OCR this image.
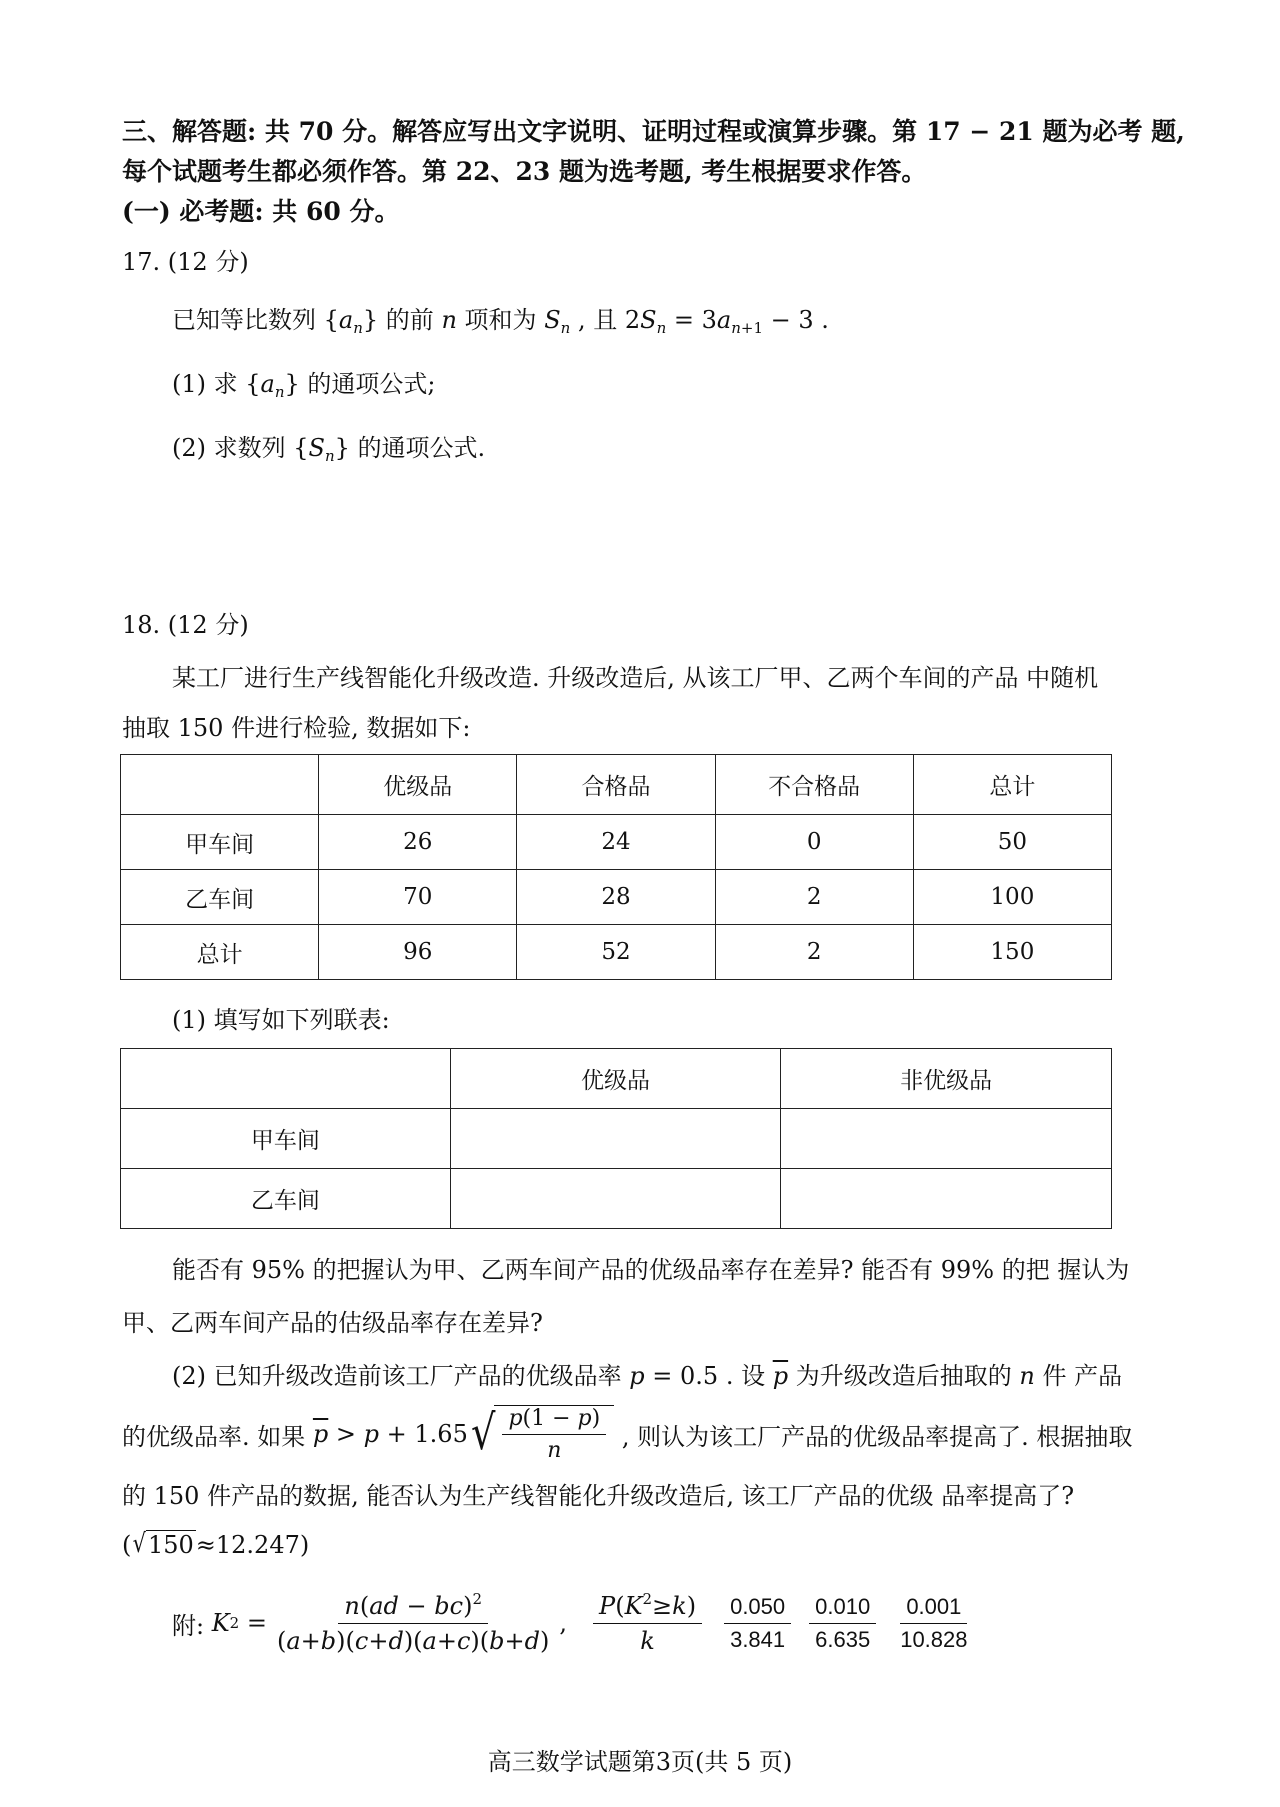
三、解答题: 共 70 分。解答应写出文字说明、证明过程或演算步骤。第 17 − 21 题为必考 题,
每个试题考生都必须作答。第 22、23 题为选考题, 考生根据要求作答。
(一) 必考题: 共 60 分。
17. (12 分)
已知等比数列 $\{a_n\}$ 的前 n 项和为 $S_n$ , 且 $2S_n = 3a_{n+1} - 3$ .
(1) 求 $\{a_n\}$ 的通项公式;
(2) 求数列 $\{S_n\}$ 的通项公式.
18. (12 分)
某工厂进行生产线智能化升级改造. 升级改造后, 从该工厂甲、乙两个车间的产品 中随机
抽取 150 件进行检验, 数据如下:
	优级品	合格品	不合格品	总计
甲车间	26	24	0	50
乙车间	70	28	2	100
总计	96	52	2	150
(1) 填写如下列联表:
	优级品	非优级品
甲车间		
乙车间		
能否有 95% 的把握认为甲、乙两车间产品的优级品率存在差异? 能否有 99% 的把 握认为
甲、乙两车间产品的估级品率存在差异?
(2) 已知升级改造前该工厂产品的优级品率 p = 0.5 . 设 $\overline{p}$ 为升级改造后抽取的 n 件 产品
的优级品率. 如果
$\overline{p} > p + 1.65$ √ $\frac{p(1 - p)}{n}$
, 则认为该工厂产品的优级品率提高了. 根据抽取
的 150 件产品的数据, 能否认为生产线智能化升级改造后, 该工厂产品的优级 品率提高了?
( √ 150 ≈12.247)
附:
K $2 = \frac{n(ad - bc)^2}{(a+b)(c+d)(a+c)(b+d)}$ , $\frac{P(K^2\ge k)}{k} \frac{0.050}{3.841} \frac{0.010}{6.635} \frac{0.001}{10.828}$
高三数学试题第3页(共 5 页)
